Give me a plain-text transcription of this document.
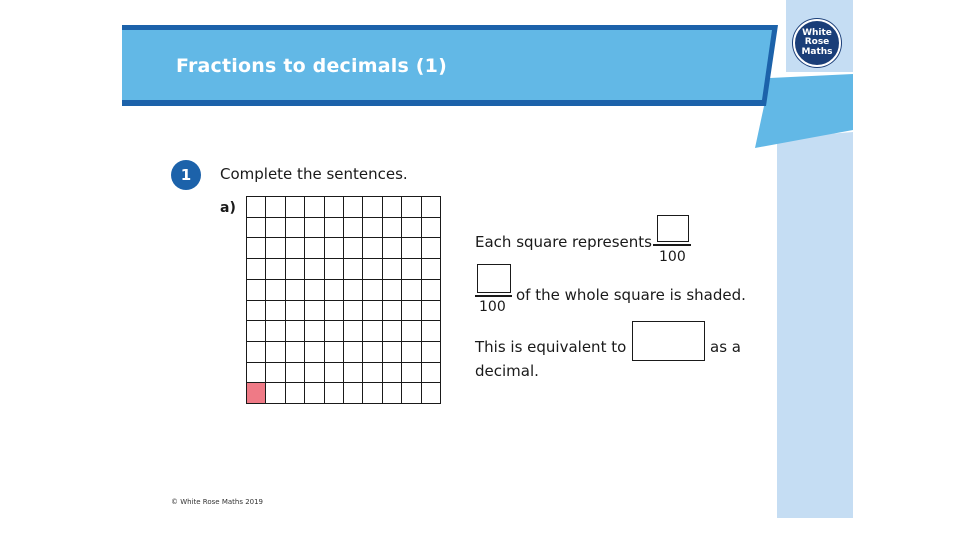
Fractions to decimals (1)
White
Rose
Maths
1	Complete the sentences.
a)
Each square represents
100
100
of the whole square is shaded.
This is equivalent to	as a
decimal.
© White Rose Maths 2019
